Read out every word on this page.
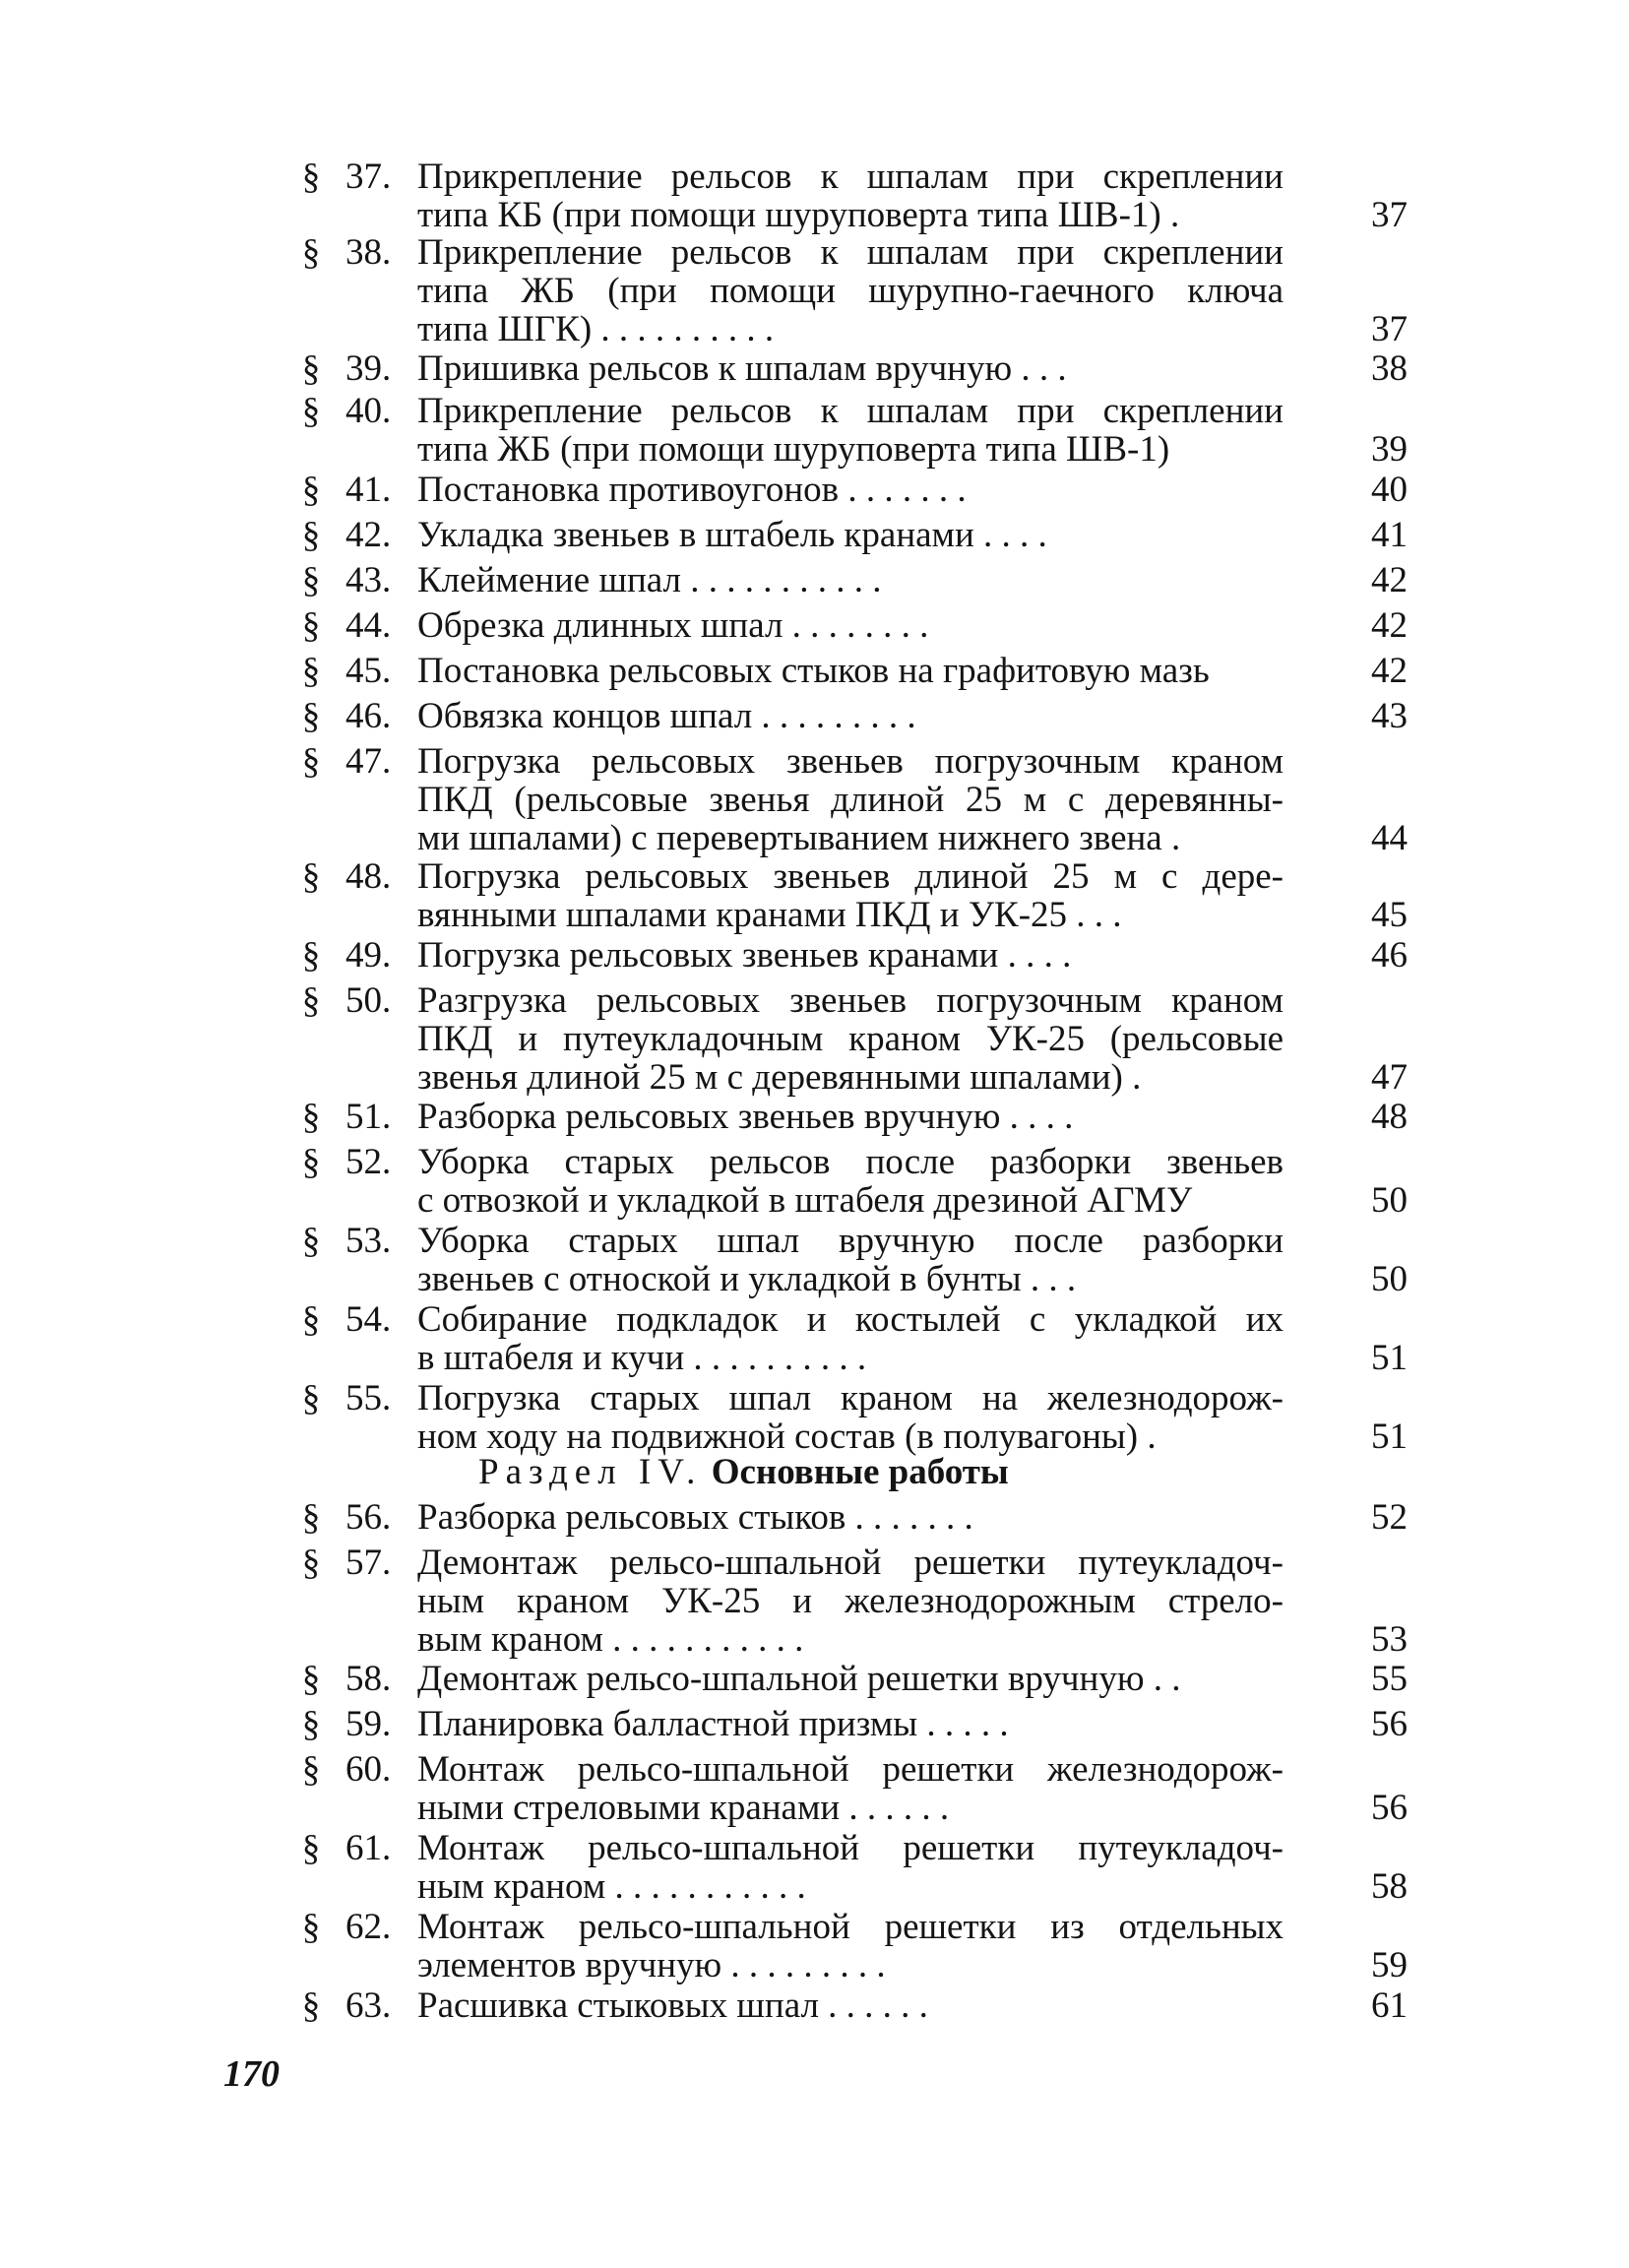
§ 37. Прикрепление рельсов к шпалам при скреплении
типа КБ (при помощи шуруповерта типа ШВ-1) .	37
§ 38. Прикрепление рельсов к шпалам при скреплении
типа ЖБ (при помощи шурупно-гаечного ключа
типа ШГК) . . . . . . . . . .	37
§ 39. Пришивка рельсов к шпалам вручную . . .	38
§ 40. Прикрепление рельсов к шпалам при скреплении
типа ЖБ (при помощи шуруповерта типа ШВ-1)	39
§ 41. Постановка противоугонов . . . . . . .	40
§ 42. Укладка звеньев в штабель кранами . . . .	41
§ 43. Клеймение шпал . . . . . . . . . . .	42
§ 44. Обрезка длинных шпал . . . . . . . .	42
§ 45. Постановка рельсовых стыков на графитовую мазь	42
§ 46. Обвязка концов шпал . . . . . . . . .	43
§ 47. Погрузка рельсовых звеньев погрузочным краном
ПКД (рельсовые звенья длиной 25 м с деревянны-
ми шпалами) с перевертыванием нижнего звена .	44
§ 48. Погрузка рельсовых звеньев длиной 25 м с дере-
вянными шпалами кранами ПКД и УК-25 . . .	45
§ 49. Погрузка рельсовых звеньев кранами . . . .	46
§ 50. Разгрузка рельсовых звеньев погрузочным краном
ПКД и путеукладочным краном УК-25 (рельсовые
звенья длиной 25 м с деревянными шпалами) .	47
§ 51. Разборка рельсовых звеньев вручную . . . .	48
§ 52. Уборка старых рельсов после разборки звеньев
с отвозкой и укладкой в штабеля дрезиной АГМУ	50
§ 53. Уборка старых шпал вручную после разборки
звеньев с отноской и укладкой в бунты . . .	50
§ 54. Собирание подкладок и костылей с укладкой их
в штабеля и кучи . . . . . . . . . .	51
§ 55. Погрузка старых шпал краном на железнодорож-
ном ходу на подвижной состав (в полувагоны) .	51
Раздел IV. Основные работы
§ 56. Разборка рельсовых стыков . . . . . . .	52
§ 57. Демонтаж рельсо-шпальной решетки путеукладоч-
ным краном УК-25 и железнодорожным стрело-
вым краном . . . . . . . . . . .	53
§ 58. Демонтаж рельсо-шпальной решетки вручную . .	55
§ 59. Планировка балластной призмы . . . . .	56
§ 60. Монтаж рельсо-шпальной решетки железнодорож-
ными стреловыми кранами . . . . . .	56
§ 61. Монтаж рельсо-шпальной решетки путеукладоч-
ным краном . . . . . . . . . . .	58
§ 62. Монтаж рельсо-шпальной решетки из отдельных
элементов вручную . . . . . . . . .	59
§ 63. Расшивка стыковых шпал . . . . . .	61
170
